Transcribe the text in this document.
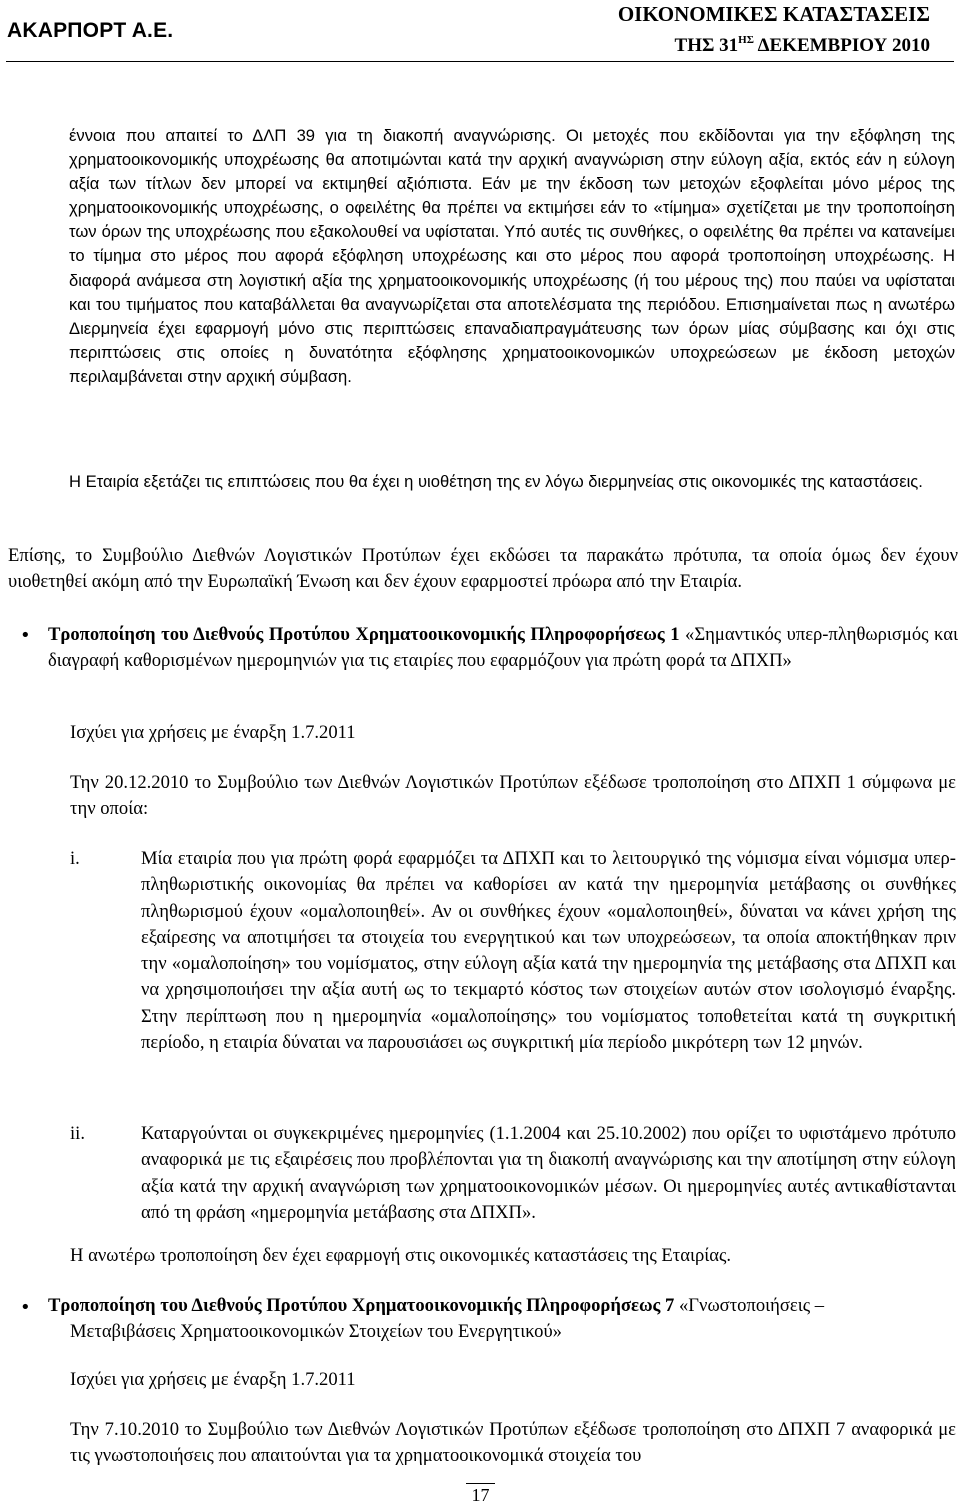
ΑΚΑΡΠΟΡΤ Α.Ε.
ΟΙΚΟΝΟΜΙΚΕΣ ΚΑΤΑΣΤΑΣΕΙΣ
ΤΗΣ $31^{H\Sigma}$ ΔΕΚΕΜΒΡΙΟΥ 2010

έννοια που απαιτεί το ΔΛΠ 39 για τη διακοπή αναγνώρισης. Οι μετοχές που εκδίδονται για την εξόφληση της χρηματοοικονομικής υποχρέωσης θα αποτιμώνται κατά την αρχική αναγνώριση στην εύλογη αξία, εκτός εάν η εύλογη αξία των τίτλων δεν μπορεί να εκτιμηθεί αξιόπιστα. Εάν με την έκδοση των μετοχών εξοφλείται μόνο μέρος της χρηματοοικονομικής υποχρέωσης, ο οφειλέτης θα πρέπει να εκτιμήσει εάν το «τίμημα» σχετίζεται με την τροποποίηση των όρων της υποχρέωσης που εξακολουθεί να υφίσταται. Υπό αυτές τις συνθήκες, ο οφειλέτης θα πρέπει να κατανείμει το τίμημα στο μέρος που αφορά εξόφληση υποχρέωσης και στο μέρος που αφορά τροποποίηση υποχρέωσης. Η διαφορά ανάμεσα στη λογιστική αξία της χρηματοοικονομικής υποχρέωσης (ή του μέρους της) που παύει να υφίσταται και του τιμήματος που καταβάλλεται θα αναγνωρίζεται στα αποτελέσματα της περιόδου. Επισημαίνεται πως η ανωτέρω Διερμηνεία έχει εφαρμογή μόνο στις περιπτώσεις επαναδιαπραγμάτευσης των όρων μίας σύμβασης και όχι στις περιπτώσεις στις οποίες η δυνατότητα εξόφλησης χρηματοοικονομικών υποχρεώσεων με έκδοση μετοχών περιλαμβάνεται στην αρχική σύμβαση.

Η Εταιρία εξετάζει τις επιπτώσεις που θα έχει η υιοθέτηση της εν λόγω διερμηνείας στις οικονομικές της καταστάσεις.

Επίσης, το Συμβούλιο Διεθνών Λογιστικών Προτύπων έχει εκδώσει τα παρακάτω πρότυπα, τα οποία όμως δεν έχουν υιοθετηθεί ακόμη από την Ευρωπαϊκή Ένωση και δεν έχουν εφαρμοστεί πρόωρα από την Εταιρία.

• Τροποποίηση του Διεθνούς Προτύπου Χρηματοοικονομικής Πληροφορήσεως 1 «Σημαντικός υπερ-πληθωρισμός και διαγραφή καθορισμένων ημερομηνιών για τις εταιρίες που εφαρμόζουν για πρώτη φορά τα ΔΠΧΠ»

Ισχύει για χρήσεις με έναρξη 1.7.2011

Την 20.12.2010 το Συμβούλιο των Διεθνών Λογιστικών Προτύπων εξέδωσε τροποποίηση στο ΔΠΧΠ 1 σύμφωνα με την οποία:

i.	Μία εταιρία που για πρώτη φορά εφαρμόζει τα ΔΠΧΠ και το λειτουργικό της νόμισμα είναι νόμισμα υπερ-πληθωριστικής οικονομίας θα πρέπει να καθορίσει αν κατά την ημερομηνία μετάβασης οι συνθήκες πληθωρισμού έχουν «ομαλοποιηθεί». Αν οι συνθήκες έχουν «ομαλοποιηθεί», δύναται να κάνει χρήση της εξαίρεσης να αποτιμήσει τα στοιχεία του ενεργητικού και των υποχρεώσεων, τα οποία αποκτήθηκαν πριν την «ομαλοποίηση» του νομίσματος, στην εύλογη αξία κατά την ημερομηνία της μετάβασης στα ΔΠΧΠ και να χρησιμοποιήσει την αξία αυτή ως το τεκμαρτό κόστος των στοιχείων αυτών στον ισολογισμό έναρξης. Στην περίπτωση που η ημερομηνία «ομαλοποίησης» του νομίσματος τοποθετείται κατά τη συγκριτική περίοδο, η εταιρία δύναται να παρουσιάσει ως συγκριτική μία περίοδο μικρότερη των 12 μηνών.
ii.	Καταργούνται οι συγκεκριμένες ημερομηνίες (1.1.2004 και 25.10.2002) που ορίζει το υφιστάμενο πρότυπο αναφορικά με τις εξαιρέσεις που προβλέπονται για τη διακοπή αναγνώρισης και την αποτίμηση στην εύλογη αξία κατά την αρχική αναγνώριση των χρηματοοικονομικών μέσων. Οι ημερομηνίες αυτές αντικαθίστανται από τη φράση «ημερομηνία μετάβασης στα ΔΠΧΠ».
Η ανωτέρω τροποποίηση δεν έχει εφαρμογή στις οικονομικές καταστάσεις της Εταιρίας.
• Τροποποίηση του Διεθνούς Προτύπου Χρηματοοικονομικής Πληροφορήσεως 7 «Γνωστοποιήσεις –
Μεταβιβάσεις Χρηματοοικονομικών Στοιχείων του Ενεργητικού»
Ισχύει για χρήσεις με έναρξη 1.7.2011

Την 7.10.2010 το Συμβούλιο των Διεθνών Λογιστικών Προτύπων εξέδωσε τροποποίηση στο ΔΠΧΠ 7 αναφορικά με τις γνωστοποιήσεις που απαιτούνται για τα χρηματοοικονομικά στοιχεία του

17
